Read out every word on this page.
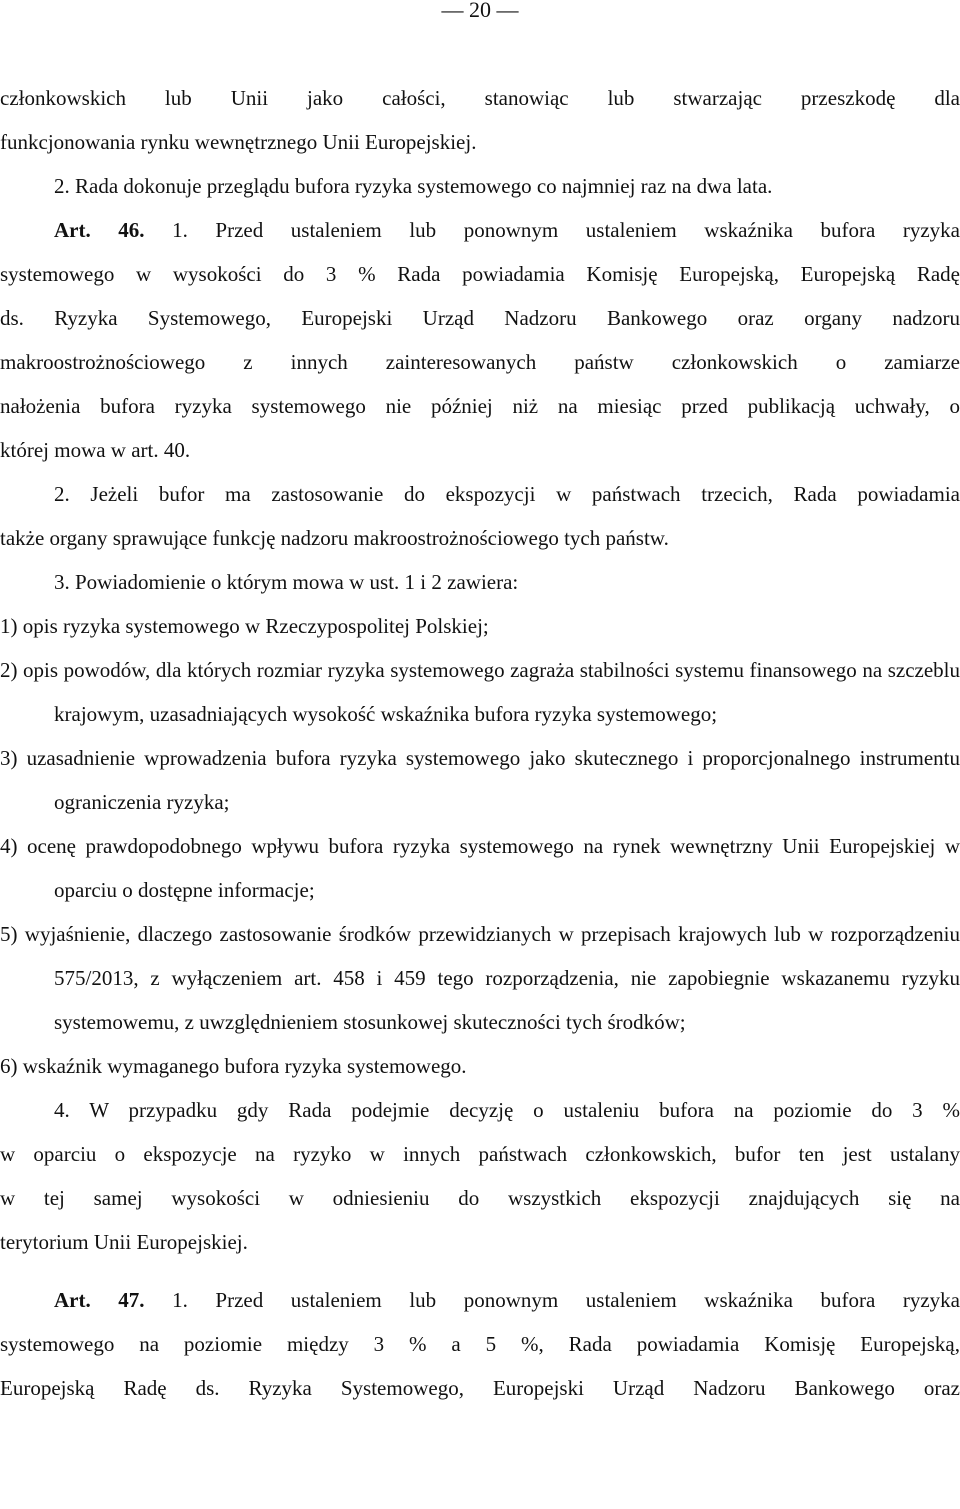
— 20 —

członkowskich lub Unii jako całości, stanowiąc lub stwarzając przeszkodę dla

funkcjonowania rynku wewnętrznego Unii Europejskiej.

2. Rada dokonuje przeglądu bufora ryzyka systemowego co najmniej raz na dwa lata.

Art. 46. 1. Przed ustaleniem lub ponownym ustaleniem wskaźnika bufora ryzyka

systemowego w wysokości do 3 % Rada powiadamia Komisję Europejską, Europejską Radę

ds. Ryzyka Systemowego, Europejski Urząd Nadzoru Bankowego oraz organy nadzoru

makroostrożnościowego z innych zainteresowanych państw członkowskich o zamiarze

nałożenia bufora ryzyka systemowego nie później niż na miesiąc przed publikacją uchwały, o

której mowa w art. 40.

2. Jeżeli bufor ma zastosowanie do ekspozycji w państwach trzecich, Rada powiadamia

także organy sprawujące funkcję nadzoru makroostrożnościowego tych państw.

3. Powiadomienie o którym mowa w ust. 1 i 2 zawiera:

1) opis ryzyka systemowego w Rzeczypospolitej Polskiej;

2) opis powodów, dla których rozmiar ryzyka systemowego zagraża stabilności systemu finansowego na szczeblu krajowym, uzasadniających wysokość wskaźnika bufora ryzyka systemowego;

3) uzasadnienie wprowadzenia bufora ryzyka systemowego jako skutecznego i proporcjonalnego instrumentu ograniczenia ryzyka;

4) ocenę prawdopodobnego wpływu bufora ryzyka systemowego na rynek wewnętrzny Unii Europejskiej w oparciu o dostępne informacje;

5) wyjaśnienie, dlaczego zastosowanie środków przewidzianych w przepisach krajowych lub w rozporządzeniu 575/2013, z wyłączeniem art. 458 i 459 tego rozporządzenia, nie zapobiegnie wskazanemu ryzyku systemowemu, z uwzględnieniem stosunkowej skuteczności tych środków;

6) wskaźnik wymaganego bufora ryzyka systemowego.

4. W przypadku gdy Rada podejmie decyzję o ustaleniu bufora na poziomie do 3 %

w oparciu o ekspozycje na ryzyko w innych państwach członkowskich, bufor ten jest ustalany

w tej samej wysokości w odniesieniu do wszystkich ekspozycji znajdujących się na

terytorium Unii Europejskiej.

Art. 47. 1. Przed ustaleniem lub ponownym ustaleniem wskaźnika bufora ryzyka

systemowego na poziomie między 3 % a 5 %, Rada powiadamia Komisję Europejską,

Europejską Radę ds. Ryzyka Systemowego, Europejski Urząd Nadzoru Bankowego oraz
